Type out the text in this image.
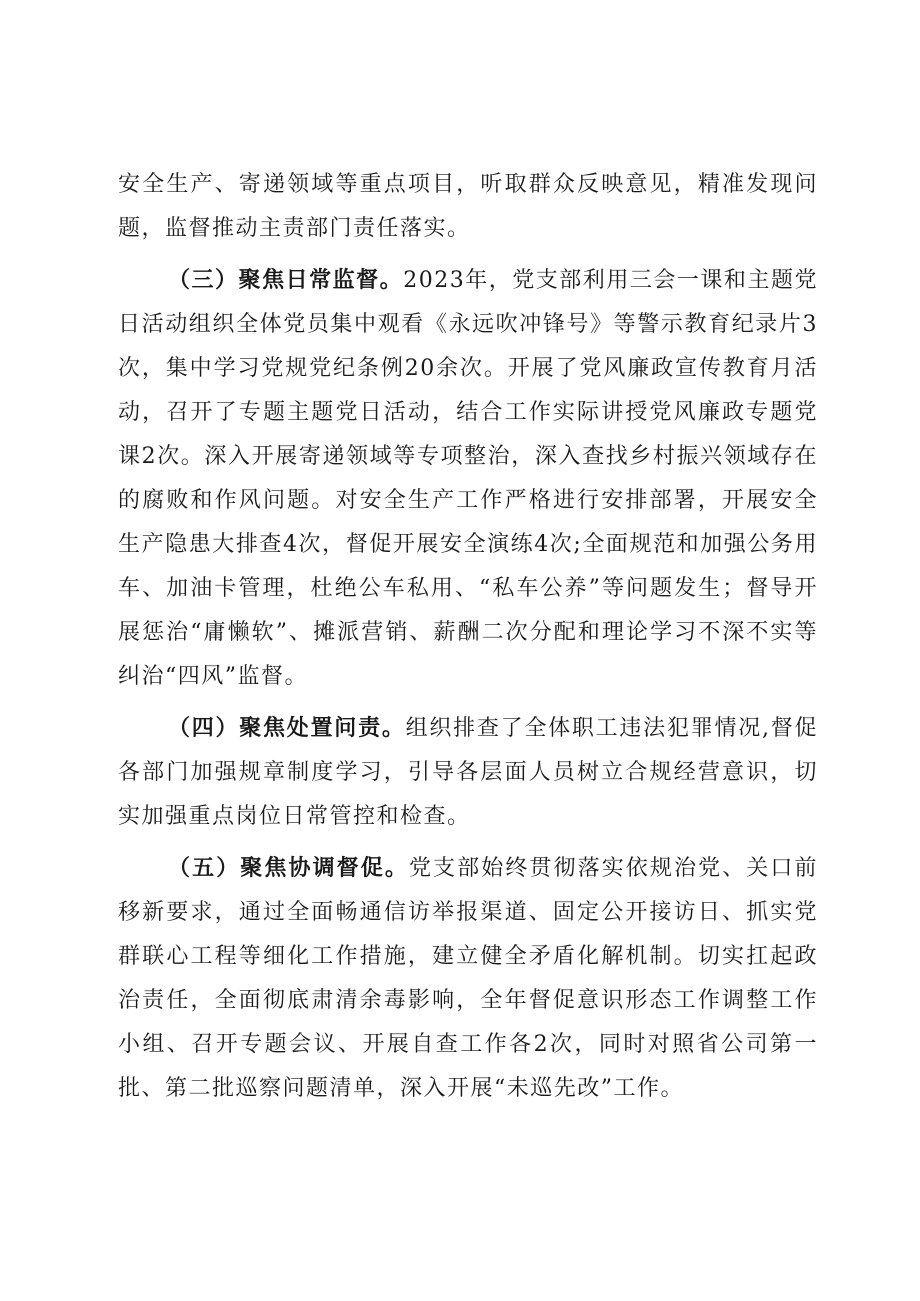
安全生产、寄递领域等重点项目，听取群众反映意见，精准发现问题，监督推动主责部门责任落实。

（三）聚焦日常监督。2023年，党支部利用三会一课和主题党日活动组织全体党员集中观看《永远吹冲锋号》等警示教育纪录片3次，集中学习党规党纪条例20余次。开展了党风廉政宣传教育月活动，召开了专题主题党日活动，结合工作实际讲授党风廉政专题党课2次。深入开展寄递领域等专项整治，深入查找乡村振兴领域存在的腐败和作风问题。对安全生产工作严格进行安排部署，开展安全生产隐患大排查4次，督促开展安全演练4次;全面规范和加强公务用车、加油卡管理，杜绝公车私用、“私车公养”等问题发生；督导开展惩治“庸懒软”、摊派营销、薪酬二次分配和理论学习不深不实等纠治“四风”监督。

（四）聚焦处置问责。组织排查了全体职工违法犯罪情况,督促各部门加强规章制度学习，引导各层面人员树立合规经营意识，切实加强重点岗位日常管控和检查。

（五）聚焦协调督促。党支部始终贯彻落实依规治党、关口前移新要求，通过全面畅通信访举报渠道、固定公开接访日、抓实党群联心工程等细化工作措施，建立健全矛盾化解机制。切实扛起政治责任，全面彻底肃清余毒影响，全年督促意识形态工作调整工作小组、召开专题会议、开展自查工作各2次，同时对照省公司第一批、第二批巡察问题清单，深入开展“未巡先改”工作。
